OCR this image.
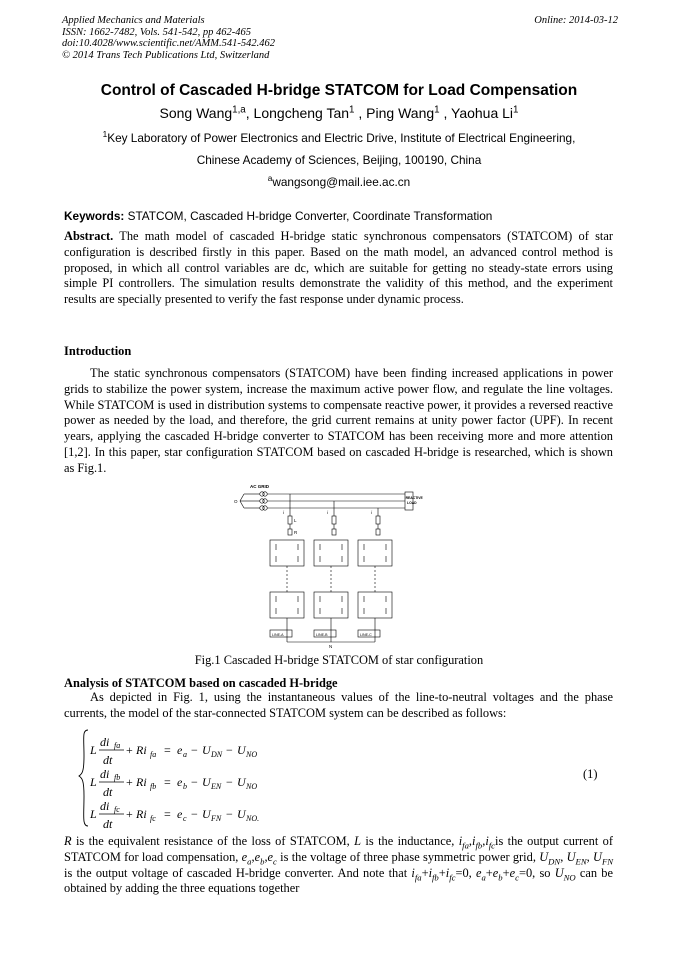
Applied Mechanics and Materials
ISSN: 1662-7482, Vols. 541-542, pp 462-465
doi:10.4028/www.scientific.net/AMM.541-542.462
© 2014 Trans Tech Publications Ltd, Switzerland
Online: 2014-03-12
Control of Cascaded H-bridge STATCOM for Load Compensation
Song Wang$^{1,a}$, Longcheng Tan$^1$ , Ping Wang$^1$ , Yaohua Li$^1$
$^1$Key Laboratory of Power Electronics and Electric Drive, Institute of Electrical Engineering,
Chinese Academy of Sciences, Beijing, 100190, China
$^a$wangsong@mail.iee.ac.cn
Keywords: STATCOM, Cascaded H-bridge Converter, Coordinate Transformation

Abstract. The math model of cascaded H-bridge static synchronous compensators (STATCOM) of star configuration is described firstly in this paper. Based on the math model, an advanced control method is proposed, in which all control variables are dc, which are suitable for getting no steady-state errors using simple PI controllers. The simulation results demonstrate the validity of this method, and the experiment results are specially presented to verify the fast response under dynamic process.

Introduction

The static synchronous compensators (STATCOM) have been finding increased applications in power grids to stabilize the power system, increase the maximum active power flow, and regulate the line voltages. While STATCOM is used in distribution systems to compensate reactive power, it provides a reversed reactive power as needed by the load, and therefore, the grid current remains at unity power factor (UPF). In recent years, applying the cascaded H-bridge converter to STATCOM has been receiving more and more attention [1,2]. In this paper, star configuration STATCOM based on cascaded H-bridge is researched, which is shown as Fig.1.

AC GRID
O
REACTIVE
LOAD
L
R
i	i	i
LINE-A	LINE-B	LINE-C
N
Fig.1 Cascaded H-bridge STATCOM of star configuration
Analysis of STATCOM based on cascaded H-bridge

As depicted in Fig. 1, using the instantaneous values of the line-to-neutral voltages and the phase currents, the model of the star-connected STATCOM system can be described as follows:

L
di fa
dt
+ Ri fa = e a − U DN − U NO
L
di fb
dt
+ Ri fb = e b − U EN − U NO
L
di fc
dt
+ Ri fc = e c − U FN − U NO.
(1)

R is the equivalent resistance of the loss of STATCOM, L is the inductance, $i_{fa},i_{fb},i_{fc}is$ the output current of STATCOM for load compensation, $e_a,e_b,e_c$ is the voltage of three phase symmetric power grid, $U_{DN}$, $U_{EN}$, $U_{FN}$ is the output voltage of cascaded H-bridge converter. And note that $i_{fa}+i_{fb}+i_{fc}=0$, $e_a+e_b+e_c=0$, so $U_{NO}$ can be obtained by adding the three equations together
